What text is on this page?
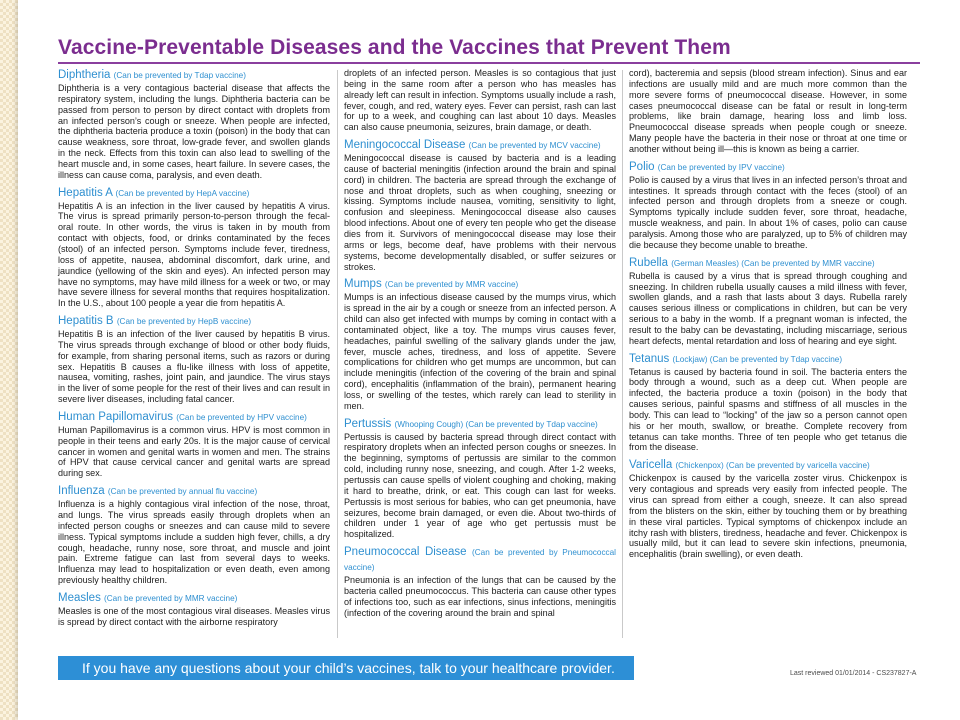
Vaccine-Preventable Diseases and the Vaccines that Prevent Them

Diphtheria (Can be prevented by Tdap vaccine)

Diphtheria is a very contagious bacterial disease that affects the respiratory system, including the lungs. Diphtheria bacteria can be passed from person to person by direct contact with droplets from an infected person’s cough or sneeze. When people are infected, the diphtheria bacteria produce a toxin (poison) in the body that can cause weakness, sore throat, low-grade fever, and swollen glands in the neck. Effects from this toxin can also lead to swelling of the heart muscle and, in some cases, heart failure. In severe cases, the illness can cause coma, paralysis, and even death.

Hepatitis A (Can be prevented by HepA vaccine)

Hepatitis A is an infection in the liver caused by hepatitis A virus. The virus is spread primarily person-to-person through the fecal-oral route. In other words, the virus is taken in by mouth from contact with objects, food, or drinks contaminated by the feces (stool) of an infected person. Symptoms include fever, tiredness, loss of appetite, nausea, abdominal discomfort, dark urine, and jaundice (yellowing of the skin and eyes). An infected person may have no symptoms, may have mild illness for a week or two, or may have severe illness for several months that requires hospitalization. In the U.S., about 100 people a year die from hepatitis A.

Hepatitis B (Can be prevented by HepB vaccine)

Hepatitis B is an infection of the liver caused by hepatitis B virus. The virus spreads through exchange of blood or other body fluids, for example, from sharing personal items, such as razors or during sex. Hepatitis B causes a flu-like illness with loss of appetite, nausea, vomiting, rashes, joint pain, and jaundice. The virus stays in the liver of some people for the rest of their lives and can result in severe liver diseases, including fatal cancer.

Human Papillomavirus (Can be prevented by HPV vaccine)

Human Papillomavirus is a common virus. HPV is most common in people in their teens and early 20s. It is the major cause of cervical cancer in women and genital warts in women and men. The strains of HPV that cause cervical cancer and genital warts are spread during sex.

Influenza (Can be prevented by annual flu vaccine)

Influenza is a highly contagious viral infection of the nose, throat, and lungs. The virus spreads easily through droplets when an infected person coughs or sneezes and can cause mild to severe illness. Typical symptoms include a sudden high fever, chills, a dry cough, headache, runny nose, sore throat, and muscle and joint pain. Extreme fatigue can last from several days to weeks. Influenza may lead to hospitalization or even death, even among previously healthy children.

Measles (Can be prevented by MMR vaccine)

Measles is one of the most contagious viral diseases. Measles virus is spread by direct contact with the airborne respiratory

droplets of an infected person. Measles is so contagious that just being in the same room after a person who has measles has already left can result in infection. Symptoms usually include a rash, fever, cough, and red, watery eyes. Fever can persist, rash can last for up to a week, and coughing can last about 10 days. Measles can also cause pneumonia, seizures, brain damage, or death.

Meningococcal Disease (Can be prevented by MCV vaccine)

Meningococcal disease is caused by bacteria and is a leading cause of bacterial meningitis (infection around the brain and spinal cord) in children. The bacteria are spread through the exchange of nose and throat droplets, such as when coughing, sneezing or kissing. Symptoms include nausea, vomiting, sensitivity to light, confusion and sleepiness. Meningococcal disease also causes blood infections. About one of every ten people who get the disease dies from it. Survivors of meningococcal disease may lose their arms or legs, become deaf, have problems with their nervous systems, become developmentally disabled, or suffer seizures or strokes.

Mumps (Can be prevented by MMR vaccine)

Mumps is an infectious disease caused by the mumps virus, which is spread in the air by a cough or sneeze from an infected person. A child can also get infected with mumps by coming in contact with a contaminated object, like a toy. The mumps virus causes fever, headaches, painful swelling of the salivary glands under the jaw, fever, muscle aches, tiredness, and loss of appetite. Severe complications for children who get mumps are uncommon, but can include meningitis (infection of the covering of the brain and spinal cord), encephalitis (inflammation of the brain), permanent hearing loss, or swelling of the testes, which rarely can lead to sterility in men.

Pertussis (Whooping Cough) (Can be prevented by Tdap vaccine)

Pertussis is caused by bacteria spread through direct contact with respiratory droplets when an infected person coughs or sneezes. In the beginning, symptoms of pertussis are similar to the common cold, including runny nose, sneezing, and cough. After 1-2 weeks, pertussis can cause spells of violent coughing and choking, making it hard to breathe, drink, or eat. This cough can last for weeks. Pertussis is most serious for babies, who can get pneumonia, have seizures, become brain damaged, or even die. About two-thirds of children under 1 year of age who get pertussis must be hospitalized.

Pneumococcal Disease (Can be prevented by Pneumococcal vaccine)

Pneumonia is an infection of the lungs that can be caused by the bacteria called pneumococcus. This bacteria can cause other types of infections too, such as ear infections, sinus infections, meningitis (infection of the covering around the brain and spinal

cord), bacteremia and sepsis (blood stream infection). Sinus and ear infections are usually mild and are much more common than the more severe forms of pneumococcal disease. However, in some cases pneumococcal disease can be fatal or result in long-term problems, like brain damage, hearing loss and limb loss. Pneumococcal disease spreads when people cough or sneeze. Many people have the bacteria in their nose or throat at one time or another without being ill—this is known as being a carrier.

Polio (Can be prevented by IPV vaccine)

Polio is caused by a virus that lives in an infected person’s throat and intestines. It spreads through contact with the feces (stool) of an infected person and through droplets from a sneeze or cough. Symptoms typically include sudden fever, sore throat, headache, muscle weakness, and pain. In about 1% of cases, polio can cause paralysis. Among those who are paralyzed, up to 5% of children may die because they become unable to breathe.

Rubella (German Measles) (Can be prevented by MMR vaccine)

Rubella is caused by a virus that is spread through coughing and sneezing. In children rubella usually causes a mild illness with fever, swollen glands, and a rash that lasts about 3 days. Rubella rarely causes serious illness or complications in children, but can be very serious to a baby in the womb. If a pregnant woman is infected, the result to the baby can be devastating, including miscarriage, serious heart defects, mental retardation and loss of hearing and eye sight.

Tetanus (Lockjaw) (Can be prevented by Tdap vaccine)

Tetanus is caused by bacteria found in soil. The bacteria enters the body through a wound, such as a deep cut. When people are infected, the bacteria produce a toxin (poison) in the body that causes serious, painful spasms and stiffness of all muscles in the body. This can lead to “locking” of the jaw so a person cannot open his or her mouth, swallow, or breathe. Complete recovery from tetanus can take months. Three of ten people who get tetanus die from the disease.

Varicella (Chickenpox) (Can be prevented by varicella vaccine)

Chickenpox is caused by the varicella zoster virus. Chickenpox is very contagious and spreads very easily from infected people. The virus can spread from either a cough, sneeze. It can also spread from the blisters on the skin, either by touching them or by breathing in these viral particles. Typical symptoms of chickenpox include an itchy rash with blisters, tiredness, headache and fever. Chickenpox is usually mild, but it can lead to severe skin infections, pneumonia, encephalitis (brain swelling), or even death.

If you have any questions about your child’s vaccines, talk to your healthcare provider.	Last reviewed 01/01/2014 - CS237827-A
